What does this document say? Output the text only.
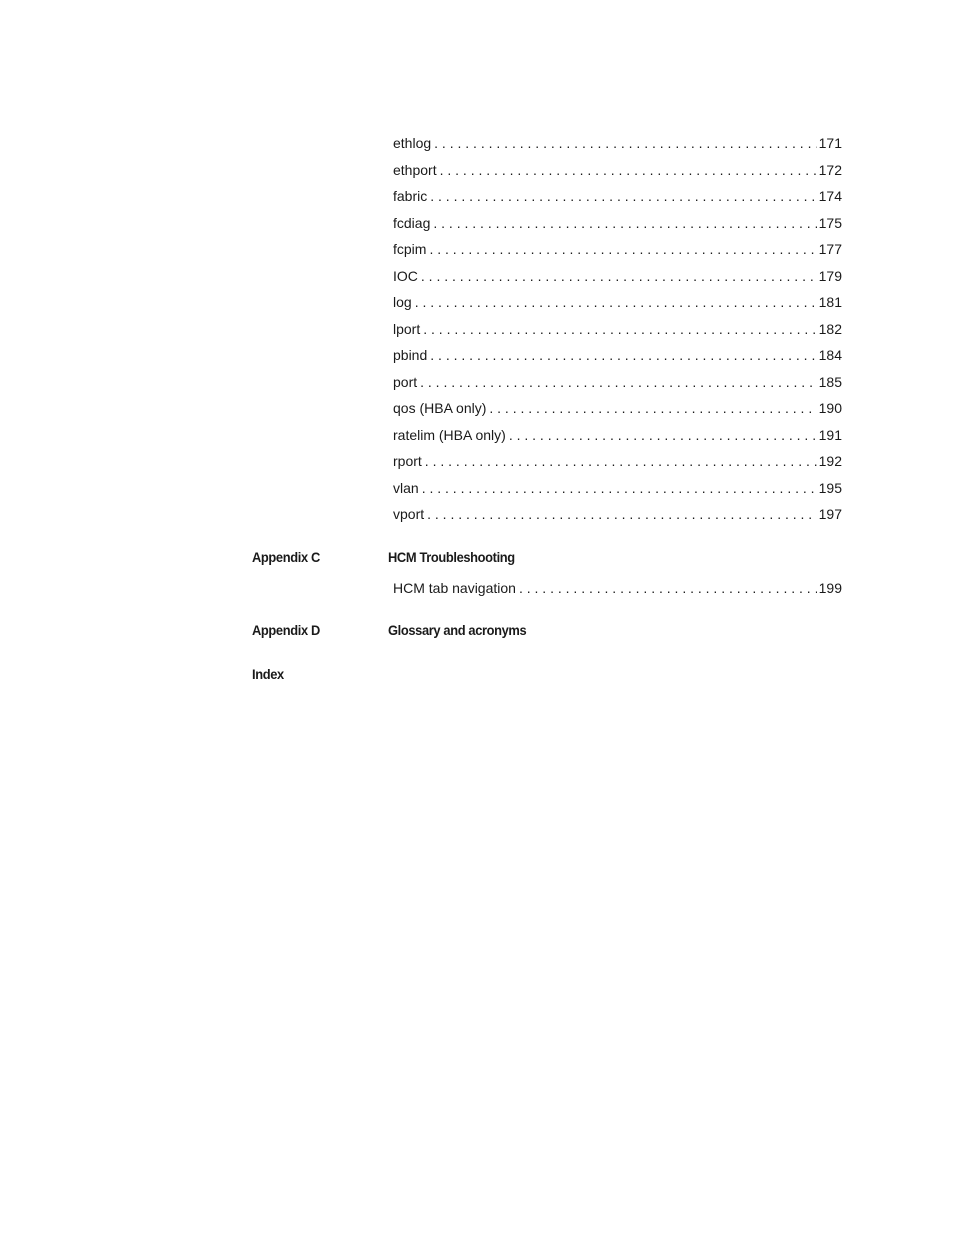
ethlog . . .	171
ethport . . .	172
fabric . . .	174
fcdiag . . .	175
fcpim . . .	177
IOC . . .	179
log . . .	181
lport . . .	182
pbind . . .	184
port . . .	185
qos (HBA only) . . .	190
ratelim (HBA only) . . .	191
rport . . .	192
vlan . . .	195
vport . . .	197
Appendix C	HCM Troubleshooting
HCM tab navigation . . .	199
Appendix D	Glossary and acronyms
Index
